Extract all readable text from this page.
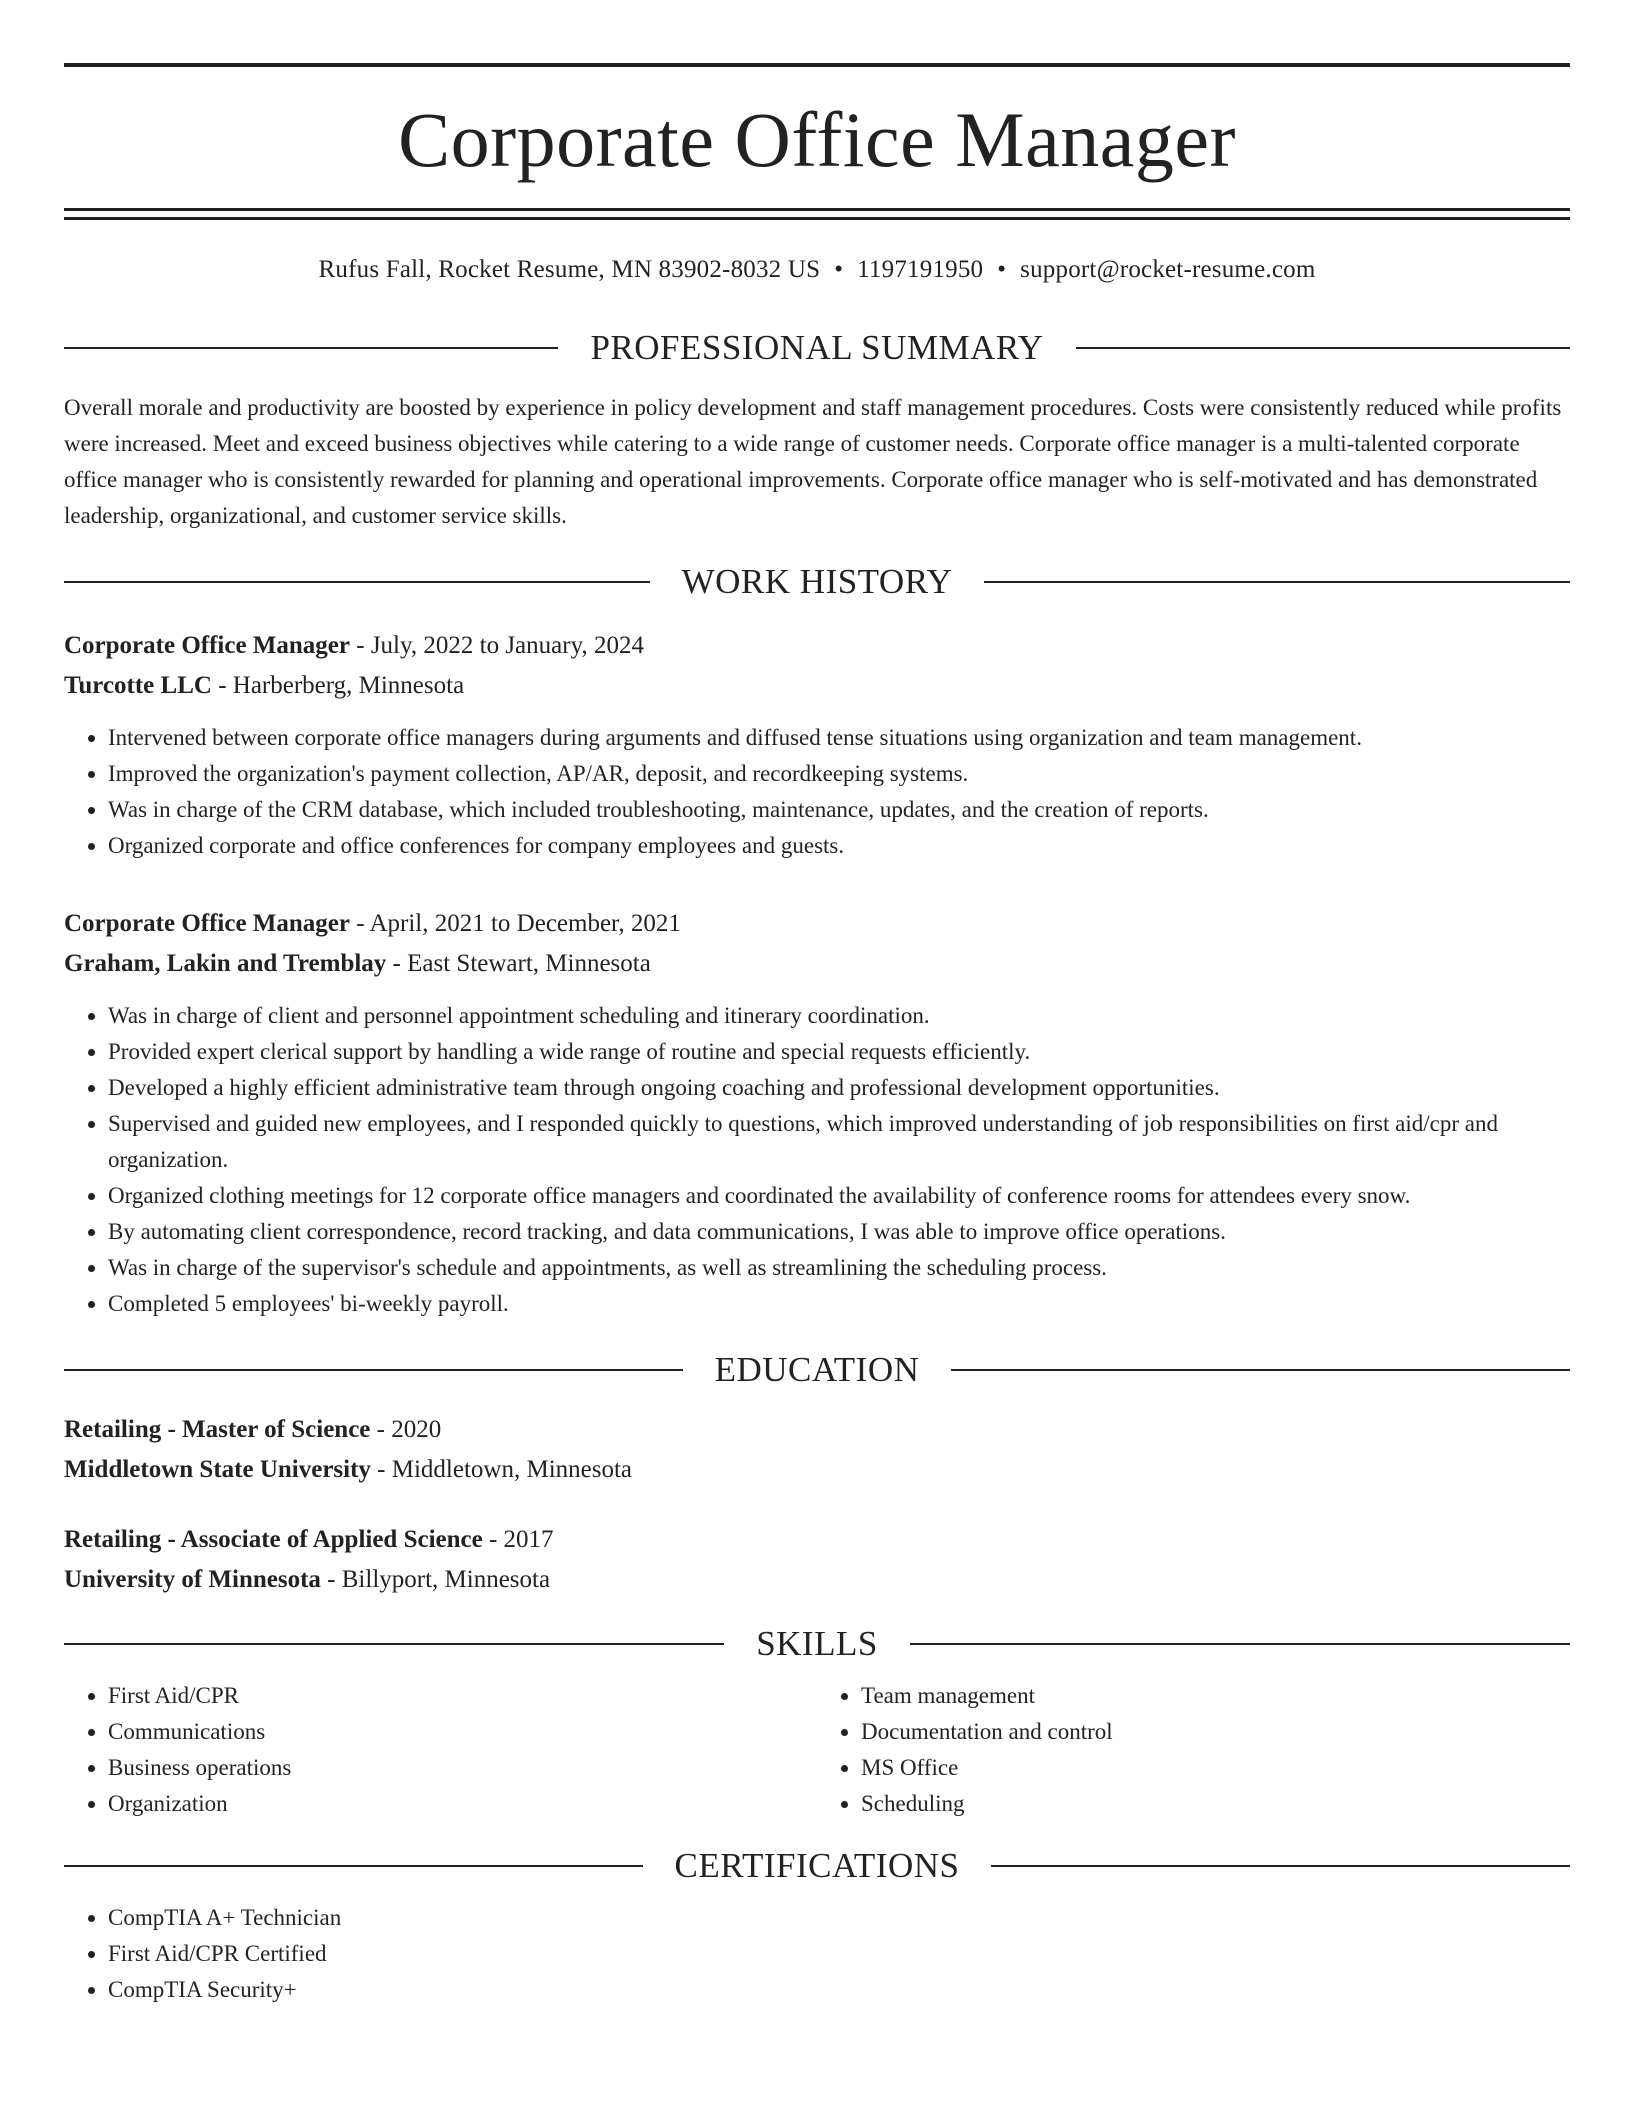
Corporate Office Manager
Rufus Fall, Rocket Resume, MN 83902-8032 US • 1197191950 • support@rocket-resume.com
PROFESSIONAL SUMMARY
Overall morale and productivity are boosted by experience in policy development and staff management procedures. Costs were consistently reduced while profits were increased. Meet and exceed business objectives while catering to a wide range of customer needs. Corporate office manager is a multi-talented corporate office manager who is consistently rewarded for planning and operational improvements. Corporate office manager who is self-motivated and has demonstrated leadership, organizational, and customer service skills.
WORK HISTORY
Corporate Office Manager - July, 2022 to January, 2024
Turcotte LLC - Harberberg, Minnesota
• Intervened between corporate office managers during arguments and diffused tense situations using organization and team management.
• Improved the organization's payment collection, AP/AR, deposit, and recordkeeping systems.
• Was in charge of the CRM database, which included troubleshooting, maintenance, updates, and the creation of reports.
• Organized corporate and office conferences for company employees and guests.
Corporate Office Manager - April, 2021 to December, 2021
Graham, Lakin and Tremblay - East Stewart, Minnesota
• Was in charge of client and personnel appointment scheduling and itinerary coordination.
• Provided expert clerical support by handling a wide range of routine and special requests efficiently.
• Developed a highly efficient administrative team through ongoing coaching and professional development opportunities.
• Supervised and guided new employees, and I responded quickly to questions, which improved understanding of job responsibilities on first aid/cpr and organization.
• Organized clothing meetings for 12 corporate office managers and coordinated the availability of conference rooms for attendees every snow.
• By automating client correspondence, record tracking, and data communications, I was able to improve office operations.
• Was in charge of the supervisor's schedule and appointments, as well as streamlining the scheduling process.
• Completed 5 employees' bi-weekly payroll.
EDUCATION
Retailing - Master of Science - 2020
Middletown State University - Middletown, Minnesota
Retailing - Associate of Applied Science - 2017
University of Minnesota - Billyport, Minnesota
SKILLS
• First Aid/CPR
• Communications
• Business operations
• Organization
• Team management
• Documentation and control
• MS Office
• Scheduling
CERTIFICATIONS
• CompTIA A+ Technician
• First Aid/CPR Certified
• CompTIA Security+
